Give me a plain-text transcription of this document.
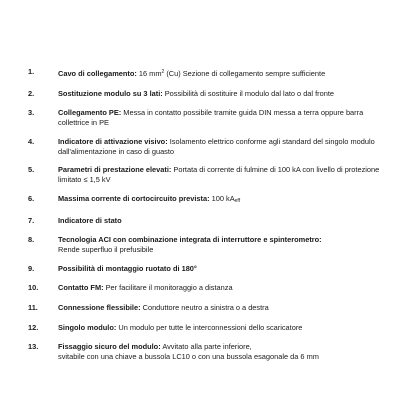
1.	Cavo di collegamento: 16 $mm^2$ (Cu) Sezione di collegamento sempre sufficiente
2.	Sostituzione modulo su 3 lati: Possibilità di sostituire il modulo dal lato o dal fronte
3.	Collegamento PE: Messa in contatto possibile tramite guida DIN messa a terra oppure barra collettrice in PE
4.	Indicatore di attivazione visivo: Isolamento elettrico conforme agli standard del singolo modulo
dall'alimentazione in caso di guasto
5.	Parametri di prestazione elevati: Portata di corrente di fulmine di 100 kA con livello di protezione limitato ≤ 1,5 kV
6.	Massima corrente di cortocircuito prevista: 100 kAeff
7.	Indicatore di stato
8.	Tecnologia ACI con combinazione integrata di interruttore e spinterometro:
Rende superfluo il prefusibile
9.	Possibilità di montaggio ruotato di 180°
10.	Contatto FM: Per facilitare il monitoraggio a distanza
11.	Connessione flessibile: Conduttore neutro a sinistra o a destra
12.	Singolo modulo: Un modulo per tutte le interconnessioni dello scaricatore
13.	Fissaggio sicuro del modulo: Avvitato alla parte inferiore,
svitabile con una chiave a bussola LC10 o con una bussola esagonale da 6 mm
